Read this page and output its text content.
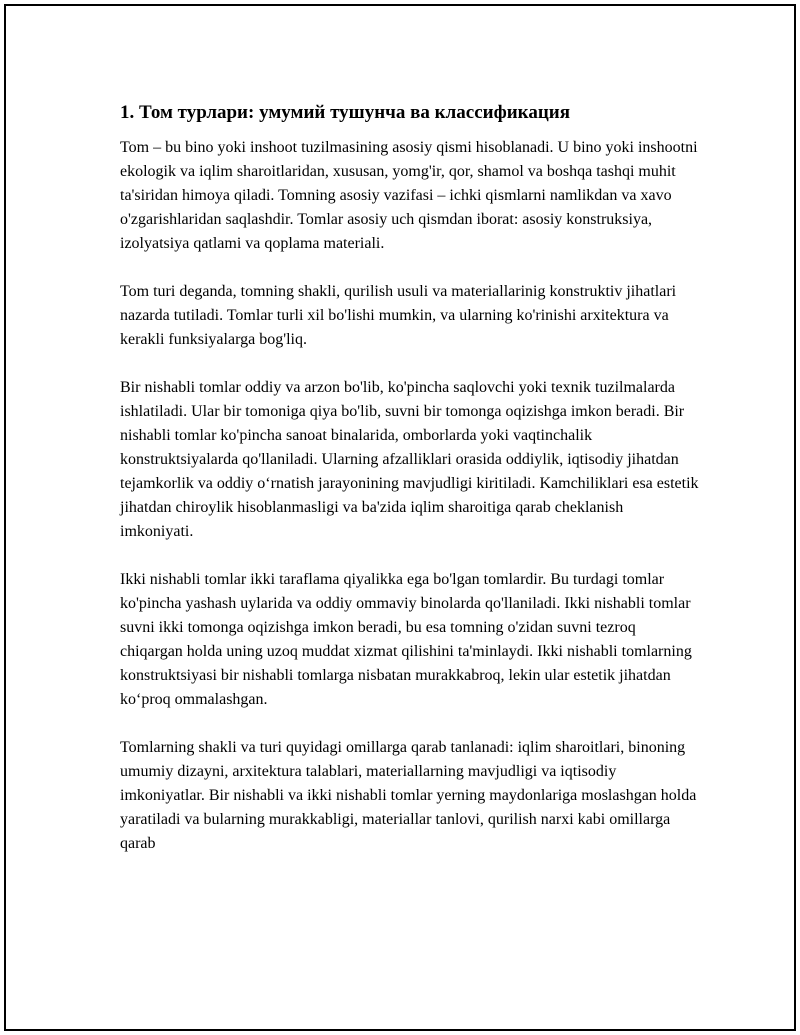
1. Том турлари: умумий тушунча ва классификация

Tom – bu bino yoki inshoot tuzilmasining asosiy qismi hisoblanadi. U bino yoki inshootni ekologik va iqlim sharoitlaridan, xususan, yomg'ir, qor, shamol va boshqa tashqi muhit ta'siridan himoya qiladi. Tomning asosiy vazifasi – ichki qismlarni namlikdan va xavo o'zgarishlaridan saqlashdir. Tomlar asosiy uch qismdan iborat: asosiy konstruksiya, izolyatsiya qatlami va qoplama materiali.

Tom turi deganda, tomning shakli, qurilish usuli va materiallarinig konstruktiv jihatlari nazarda tutiladi. Tomlar turli xil bo'lishi mumkin, va ularning ko'rinishi arxitektura va kerakli funksiyalarga bog'liq.

Bir nishabli tomlar oddiy va arzon bo'lib, ko'pincha saqlovchi yoki texnik tuzilmalarda ishlatiladi. Ular bir tomoniga qiya bo'lib, suvni bir tomonga oqizishga imkon beradi. Bir nishabli tomlar ko'pincha sanoat binalarida, omborlarda yoki vaqtinchalik konstruktsiyalarda qo'llaniladi. Ularning afzalliklari orasida oddiylik, iqtisodiy jihatdan tejamkorlik va oddiy o‘rnatish jarayonining mavjudligi kiritiladi. Kamchiliklari esa estetik jihatdan chiroylik hisoblanmasligi va ba'zida iqlim sharoitiga qarab cheklanish imkoniyati.

Ikki nishabli tomlar ikki taraflama qiyalikka ega bo'lgan tomlardir. Bu turdagi tomlar ko'pincha yashash uylarida va oddiy ommaviy binolarda qo'llaniladi. Ikki nishabli tomlar suvni ikki tomonga oqizishga imkon beradi, bu esa tomning o'zidan suvni tezroq chiqargan holda uning uzoq muddat xizmat qilishini ta'minlaydi. Ikki nishabli tomlarning konstruktsiyasi bir nishabli tomlarga nisbatan murakkabroq, lekin ular estetik jihatdan ko‘proq ommalashgan.

Tomlarning shakli va turi quyidagi omillarga qarab tanlanadi: iqlim sharoitlari, binoning umumiy dizayni, arxitektura talablari, materiallarning mavjudligi va iqtisodiy imkoniyatlar. Bir nishabli va ikki nishabli tomlar yerning maydonlariga moslashgan holda yaratiladi va bularning murakkabligi, materiallar tanlovi, qurilish narxi kabi omillarga qarab
